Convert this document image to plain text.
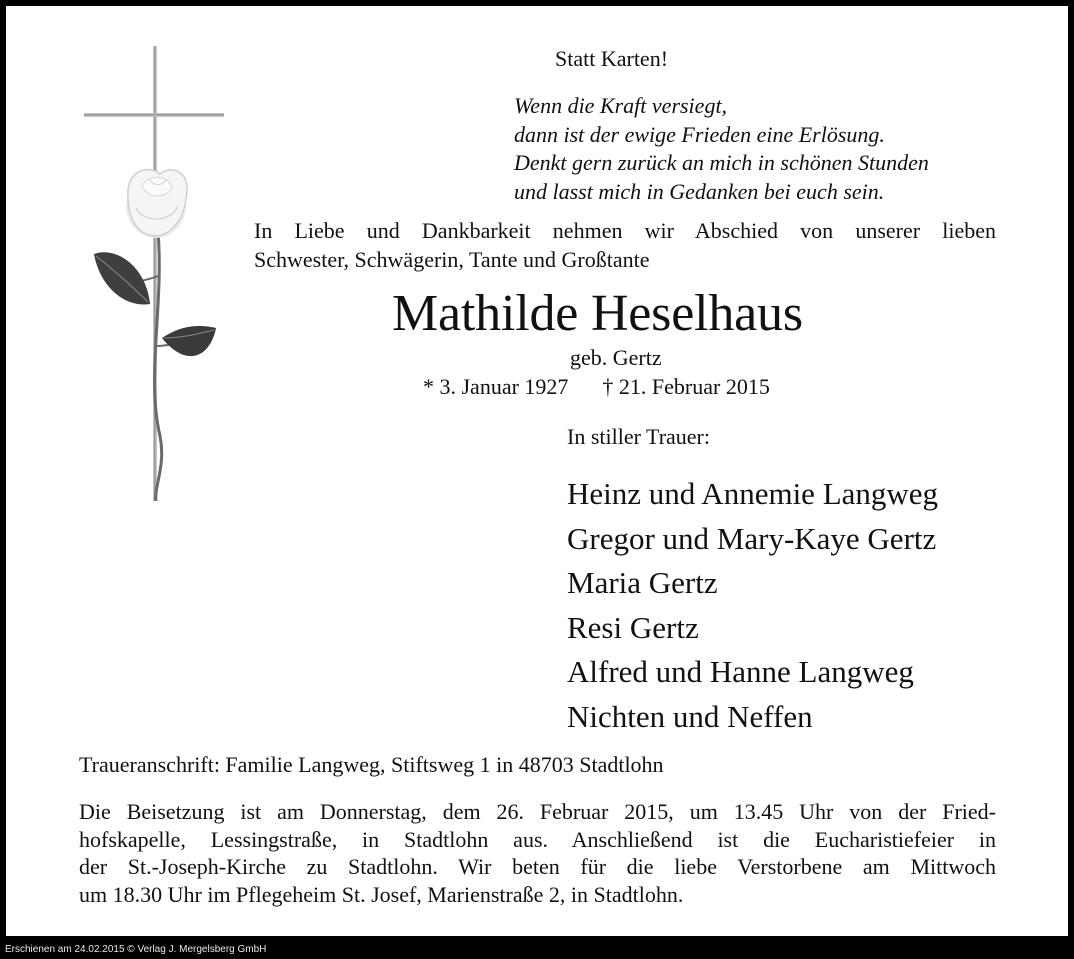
Statt Karten!
Wenn die Kraft versiegt,
dann ist der ewige Frieden eine Erlösung.
Denkt gern zurück an mich in schönen Stunden
und lasst mich in Gedanken bei euch sein.
In Liebe und Dankbarkeit nehmen wir Abschied von unserer lieben
Schwester, Schwägerin, Tante und Großtante
Mathilde Heselhaus
geb. Gertz
* 3. Januar 1927 † 21. Februar 2015
In stiller Trauer:
Heinz und Annemie Langweg
Gregor und Mary-Kaye Gertz
Maria Gertz
Resi Gertz
Alfred und Hanne Langweg
Nichten und Neffen
Traueranschrift: Familie Langweg, Stiftsweg 1 in 48703 Stadtlohn
Die Beisetzung ist am Donnerstag, dem 26. Februar 2015, um 13.45 Uhr von der Fried-
hofskapelle, Lessingstraße, in Stadtlohn aus. Anschließend ist die Eucharistiefeier in
der St.-Joseph-Kirche zu Stadtlohn. Wir beten für die liebe Verstorbene am Mittwoch
um 18.30 Uhr im Pflegeheim St. Josef, Marienstraße 2, in Stadtlohn.
Erschienen am 24.02.2015 © Verlag J. Mergelsberg GmbH
